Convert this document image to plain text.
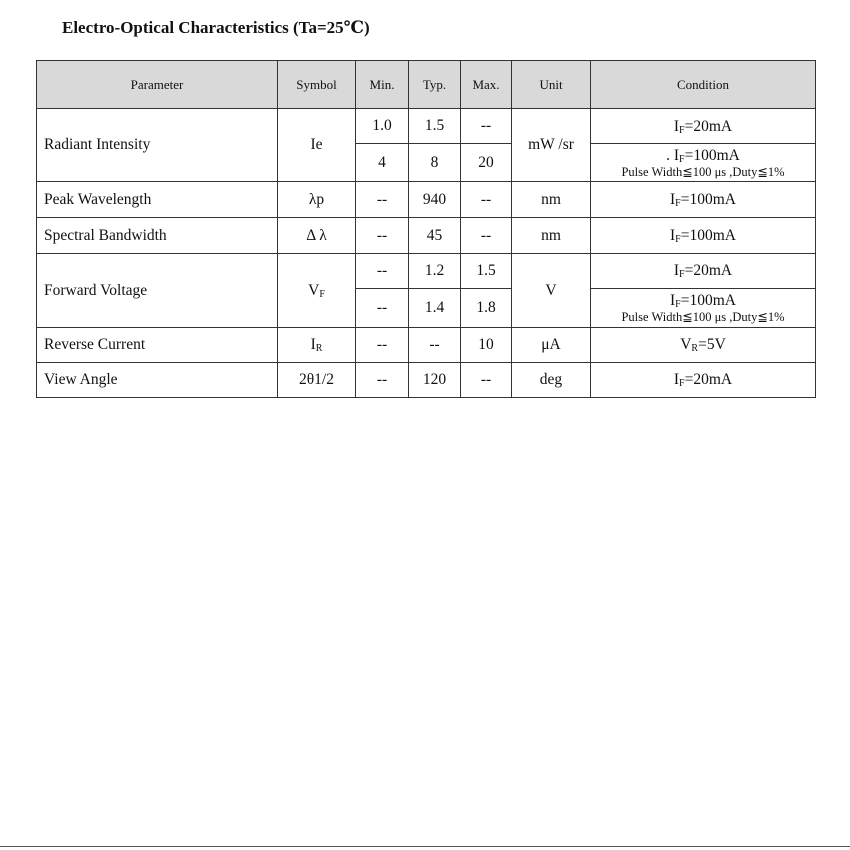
Electro-Optical Characteristics (Ta=25℃)
Parameter	Symbol	Min.	Typ.	Max.	Unit	Condition
Radiant Intensity	Ie	1.0	1.5	--	mW /sr	$I_F=20mA$

		4	8	20		. $I_F=100mA$
Pulse Width≦100 μs ,Duty≦1%

Peak Wavelength	λp	--	940	--	nm	$I_F=100mA$
Spectral Bandwidth	Δ λ	--	45	--	nm	$I_F=100mA$
Forward Voltage	$V_F$	--	1.2	1.5	V	$I_F=20mA$
		--	1.4	1.8		$I_F=100mA$
Pulse Width≦100 μs ,Duty≦1%

Reverse Current	$I_R$	--	--	10	μA	$V_R=5V$
View Angle	2θ1/2	--	120	--	deg	$I_F=20mA$
